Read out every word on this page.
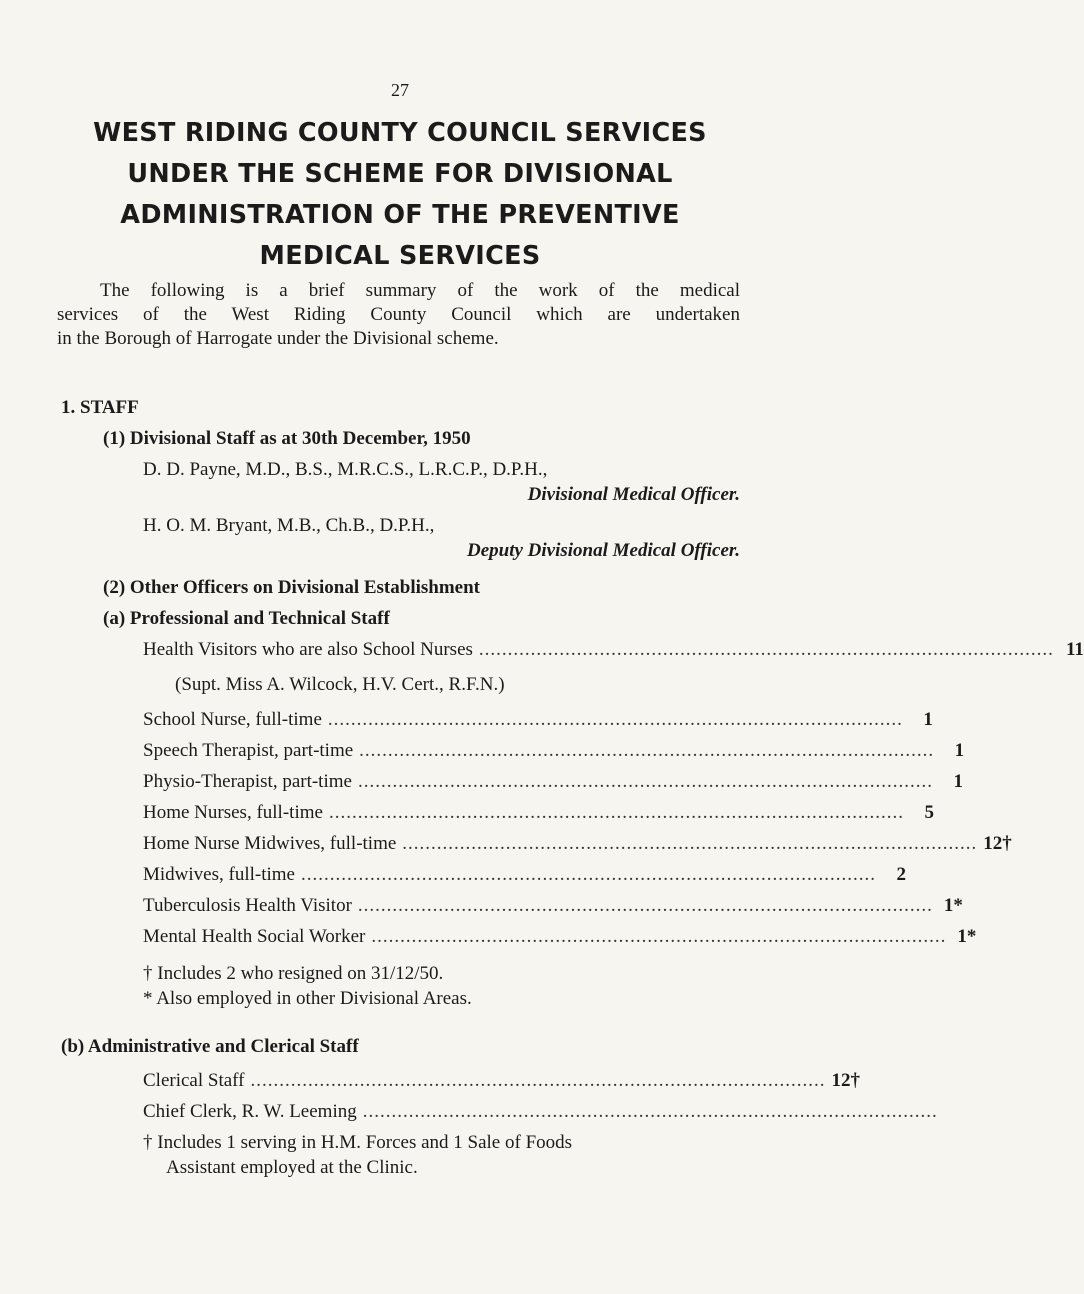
27
WEST RIDING COUNTY COUNCIL SERVICES
UNDER THE SCHEME FOR DIVISIONAL
ADMINISTRATION OF THE PREVENTIVE
MEDICAL SERVICES
The following is a brief summary of the work of the medical
services of the West Riding County Council which are undertaken
in the Borough of Harrogate under the Divisional scheme.
1. STAFF
(1) Divisional Staff as at 30th December, 1950
D. D. Payne, M.D., B.S., M.R.C.S., L.R.C.P., D.P.H.,
Divisional Medical Officer.
H. O. M. Bryant, M.B., Ch.B., D.P.H.,
Deputy Divisional Medical Officer.
(2) Other Officers on Divisional Establishment
(a) Professional and Technical Staff
Health Visitors who are also School Nurses .................................................................................................... 11
(Supt. Miss A. Wilcock, H.V. Cert., R.F.N.)
School Nurse, full-time ....................................................................................................	1
Speech Therapist, part-time ....................................................................................................	1
Physio-Therapist, part-time ....................................................................................................	1
Home Nurses, full-time ....................................................................................................	5
Home Nurse Midwives, full-time .................................................................................................... 12†
Midwives, full-time ....................................................................................................	2
Tuberculosis Health Visitor .................................................................................................... 1*
Mental Health Social Worker .................................................................................................... 1*
† Includes 2 who resigned on 31/12/50.
* Also employed in other Divisional Areas.
(b) Administrative and Clerical Staff
Clerical Staff .................................................................................................... 12†
Chief Clerk, R. W. Leeming ....................................................................................................
† Includes 1 serving in H.M. Forces and 1 Sale of Foods
Assistant employed at the Clinic.
